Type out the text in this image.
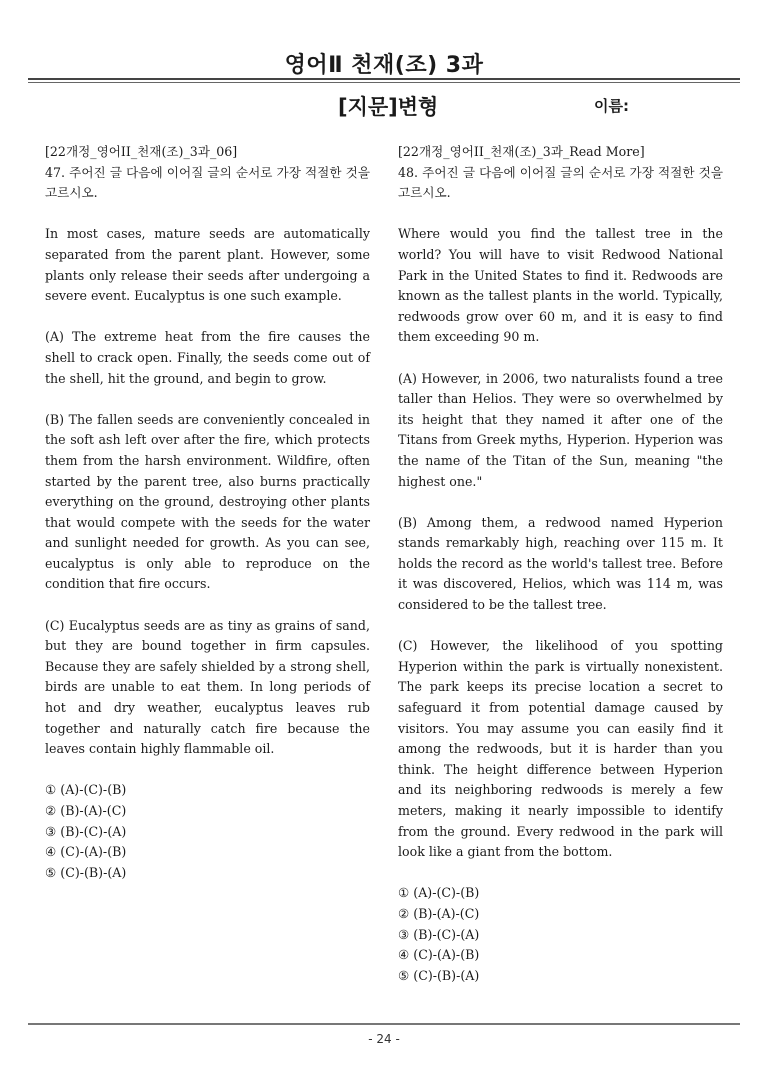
영어Ⅱ 천재(조) 3과
[지문]변형	이름:

[22개정_영어II_천재(조)_3과_06]

47. 주어진 글 다음에 이어질 글의 순서로 가장 적절한 것을 고르시오.

In most cases, mature seeds are automatically separated from the parent plant. However, some plants only release their seeds after undergoing a severe event. Eucalyptus is one such example.

(A) The extreme heat from the fire causes the shell to crack open. Finally, the seeds come out of the shell, hit the ground, and begin to grow.

(B) The fallen seeds are conveniently concealed in the soft ash left over after the fire, which protects them from the harsh environment. Wildfire, often started by the parent tree, also burns practically everything on the ground, destroying other plants that would compete with the seeds for the water and sunlight needed for growth. As you can see, eucalyptus is only able to reproduce on the condition that fire occurs.

(C) Eucalyptus seeds are as tiny as grains of sand, but they are bound together in firm capsules. Because they are safely shielded by a strong shell, birds are unable to eat them. In long periods of hot and dry weather, eucalyptus leaves rub together and naturally catch fire because the leaves contain highly flammable oil.

① (A)-(C)-(B)
② (B)-(A)-(C)
③ (B)-(C)-(A)
④ (C)-(A)-(B)
⑤ (C)-(B)-(A)

[22개정_영어II_천재(조)_3과_Read More]

48. 주어진 글 다음에 이어질 글의 순서로 가장 적절한 것을 고르시오.

Where would you find the tallest tree in the world? You will have to visit Redwood National Park in the United States to find it. Redwoods are known as the tallest plants in the world. Typically, redwoods grow over 60 m, and it is easy to find them exceeding 90 m.

(A) However, in 2006, two naturalists found a tree taller than Helios. They were so overwhelmed by its height that they named it after one of the Titans from Greek myths, Hyperion. Hyperion was the name of the Titan of the Sun, meaning "the highest one."

(B) Among them, a redwood named Hyperion stands remarkably high, reaching over 115 m. It holds the record as the world's tallest tree. Before it was discovered, Helios, which was 114 m, was considered to be the tallest tree.

(C) However, the likelihood of you spotting Hyperion within the park is virtually nonexistent. The park keeps its precise location a secret to safeguard it from potential damage caused by visitors. You may assume you can easily find it among the redwoods, but it is harder than you think. The height difference between Hyperion and its neighboring redwoods is merely a few meters, making it nearly impossible to identify from the ground. Every redwood in the park will look like a giant from the bottom.

① (A)-(C)-(B)
② (B)-(A)-(C)
③ (B)-(C)-(A)
④ (C)-(A)-(B)
⑤ (C)-(B)-(A)
- 24 -
